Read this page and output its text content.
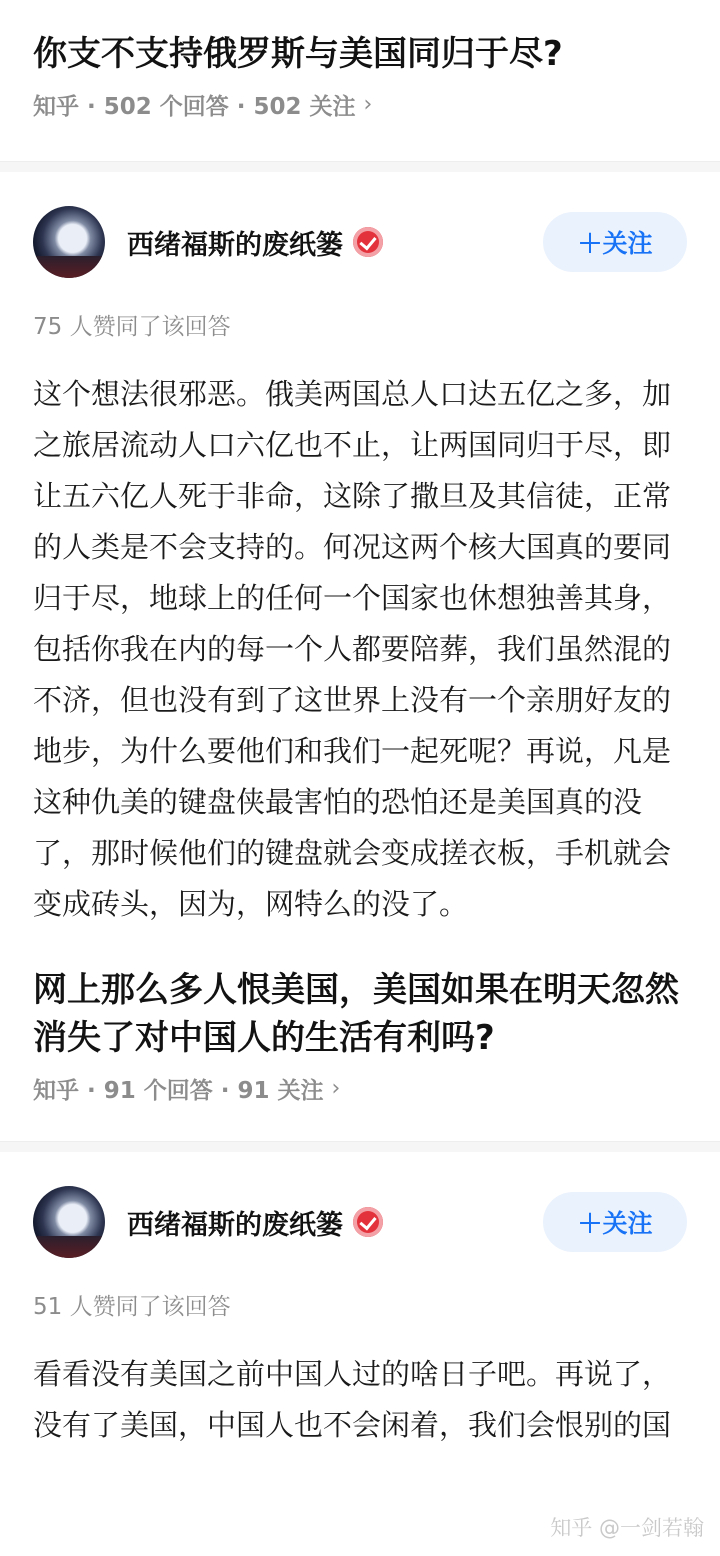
你支不支持俄罗斯与美国同归于尽?
知乎 · 502 个回答 · 502 关注 ›
西绪福斯的废纸篓	＋关注
75 人赞同了该回答

这个想法很邪恶。俄美两国总人口达五亿之多，加之旅居流动人口六亿也不止，让两国同归于尽，即让五六亿人死于非命，这除了撒旦及其信徒，正常的人类是不会支持的。何况这两个核大国真的要同归于尽，地球上的任何一个国家也休想独善其身，包括你我在内的每一个人都要陪葬，我们虽然混的不济，但也没有到了这世界上没有一个亲朋好友的地步，为什么要他们和我们一起死呢？再说，凡是这种仇美的键盘侠最害怕的恐怕还是美国真的没了，那时候他们的键盘就会变成搓衣板，手机就会变成砖头，因为，网特么的没了。

网上那么多人恨美国，美国如果在明天忽然消失了对中国人的生活有利吗?
知乎 · 91 个回答 · 91 关注 ›
西绪福斯的废纸篓	＋关注
51 人赞同了该回答

看看没有美国之前中国人过的啥日子吧。再说了，没有了美国，中国人也不会闲着，我们会恨别的国

知乎 @一剑若翰
